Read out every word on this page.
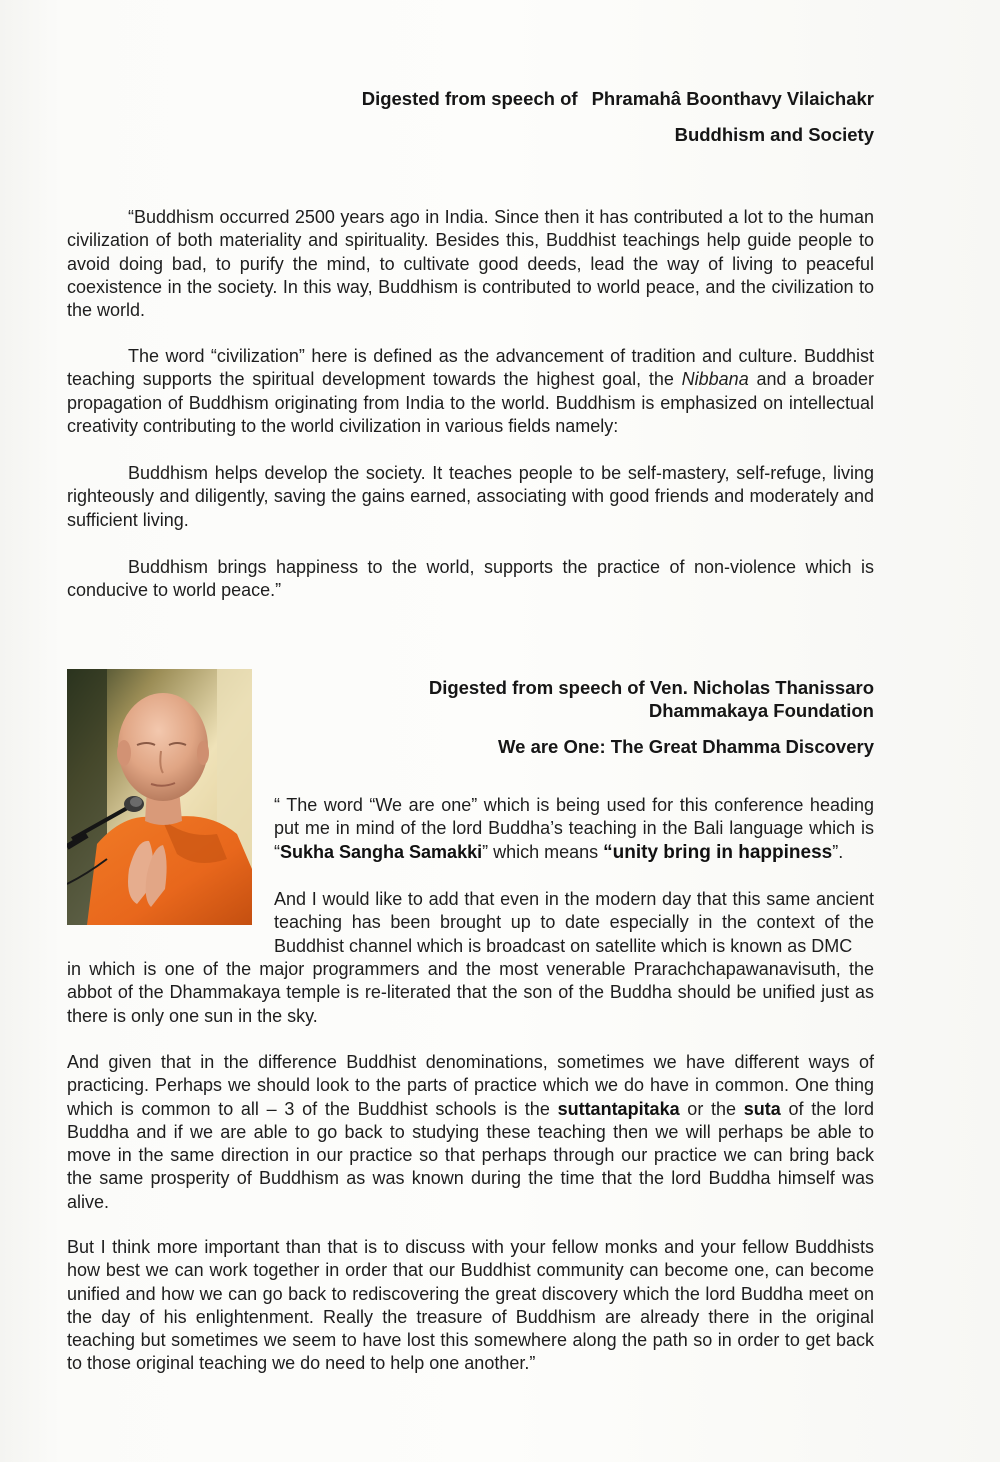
Digested from speech of Phramahâ Boonthavy Vilaichakr
Buddhism and Society

“Buddhism occurred 2500 years ago in India. Since then it has contributed a lot to the human civilization of both materiality and spirituality. Besides this, Buddhist teachings help guide people to avoid doing bad, to purify the mind, to cultivate good deeds, lead the way of living to peaceful coexistence in the society. In this way, Buddhism is contributed to world peace, and the civilization to the world.

The word “civilization” here is defined as the advancement of tradition and culture. Buddhist teaching supports the spiritual development towards the highest goal, the Nibbana and a broader propagation of Buddhism originating from India to the world. Buddhism is emphasized on intellectual creativity contributing to the world civilization in various fields namely:

Buddhism helps develop the society. It teaches people to be self-mastery, self-refuge, living righteously and diligently, saving the gains earned, associating with good friends and moderately and sufficient living.

Buddhism brings happiness to the world, supports the practice of non-violence which is conducive to world peace.”

Digested from speech of Ven. Nicholas Thanissaro
Dhammakaya Foundation
We are One: The Great Dhamma Discovery

“ The word “We are one” which is being used for this conference heading put me in mind of the lord Buddha’s teaching in the Bali language which is “Sukha Sangha Samakki” which means “unity bring in happiness”.

And I would like to add that even in the modern day that this same ancient teaching has been brought up to date especially in the context of the Buddhist channel which is broadcast on satellite which is known as DMC

in which is one of the major programmers and the most venerable Prarachchapawanavisuth, the abbot of the Dhammakaya temple is re-literated that the son of the Buddha should be unified just as there is only one sun in the sky.

And given that in the difference Buddhist denominations, sometimes we have different ways of practicing. Perhaps we should look to the parts of practice which we do have in common. One thing which is common to all – 3 of the Buddhist schools is the suttantapitaka or the suta of the lord Buddha and if we are able to go back to studying these teaching then we will perhaps be able to move in the same direction in our practice so that perhaps through our practice we can bring back the same prosperity of Buddhism as was known during the time that the lord Buddha himself was alive.

But I think more important than that is to discuss with your fellow monks and your fellow Buddhists how best we can work together in order that our Buddhist community can become one, can become unified and how we can go back to rediscovering the great discovery which the lord Buddha meet on the day of his enlightenment. Really the treasure of Buddhism are already there in the original teaching but sometimes we seem to have lost this somewhere along the path so in order to get back to those original teaching we do need to help one another.”
